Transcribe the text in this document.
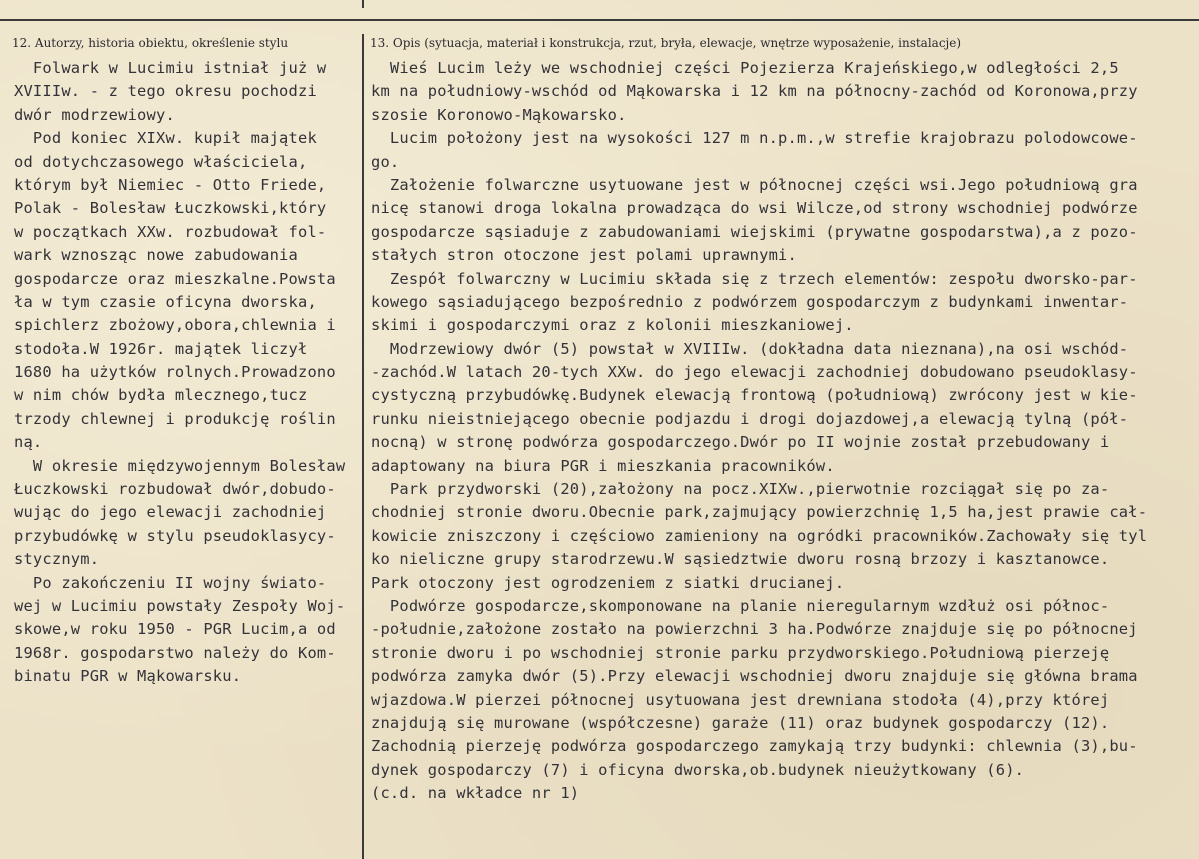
12. Autorzy, historia obiektu, określenie stylu	13. Opis (sytuacja, materiał i konstrukcja, rzut, bryła, elewacje, wnętrze wyposażenie, instalacje)
Folwark w Lucimiu istniał już w
XVIIIw. - z tego okresu pochodzi
dwór modrzewiowy.
Pod koniec XIXw. kupił majątek
od dotychczasowego właściciela,
którym był Niemiec - Otto Friede,
Polak - Bolesław Łuczkowski,który
w początkach XXw. rozbudował fol-
wark wznosząc nowe zabudowania
gospodarcze oraz mieszkalne.Powsta
ła w tym czasie oficyna dworska,
spichlerz zbożowy,obora,chlewnia i
stodoła.W 1926r. majątek liczył
1680 ha użytków rolnych.Prowadzono
w nim chów bydła mlecznego,tucz
trzody chlewnej i produkcję roślin
ną.
W okresie międzywojennym Bolesław
Łuczkowski rozbudował dwór,dobudo-
wując do jego elewacji zachodniej
przybudówkę w stylu pseudoklasycy-
stycznym.
Po zakończeniu II wojny świato-
wej w Lucimiu powstały Zespoły Woj-
skowe,w roku 1950 - PGR Lucim,a od
1968r. gospodarstwo należy do Kom-
binatu PGR w Mąkowarsku.
Wieś Lucim leży we wschodniej części Pojezierza Krajeńskiego,w odległości 2,5
km na południowy-wschód od Mąkowarska i 12 km na północny-zachód od Koronowa,przy
szosie Koronowo-Mąkowarsko.
Lucim położony jest na wysokości 127 m n.p.m.,w strefie krajobrazu polodowcowe-
go.
Założenie folwarczne usytuowane jest w północnej części wsi.Jego południową gra
nicę stanowi droga lokalna prowadząca do wsi Wilcze,od strony wschodniej podwórze
gospodarcze sąsiaduje z zabudowaniami wiejskimi (prywatne gospodarstwa),a z pozo-
stałych stron otoczone jest polami uprawnymi.
Zespół folwarczny w Lucimiu składa się z trzech elementów: zespołu dworsko-par-
kowego sąsiadującego bezpośrednio z podwórzem gospodarczym z budynkami inwentar-
skimi i gospodarczymi oraz z kolonii mieszkaniowej.
Modrzewiowy dwór (5) powstał w XVIIIw. (dokładna data nieznana),na osi wschód-
-zachód.W latach 20-tych XXw. do jego elewacji zachodniej dobudowano pseudoklasy-
cystyczną przybudówkę.Budynek elewacją frontową (południową) zwrócony jest w kie-
runku nieistniejącego obecnie podjazdu i drogi dojazdowej,a elewacją tylną (pół-
nocną) w stronę podwórza gospodarczego.Dwór po II wojnie został przebudowany i
adaptowany na biura PGR i mieszkania pracowników.
Park przydworski (20),założony na pocz.XIXw.,pierwotnie rozciągał się po za-
chodniej stronie dworu.Obecnie park,zajmujący powierzchnię 1,5 ha,jest prawie cał-
kowicie zniszczony i częściowo zamieniony na ogródki pracowników.Zachowały się tyl
ko nieliczne grupy starodrzewu.W sąsiedztwie dworu rosną brzozy i kasztanowce.
Park otoczony jest ogrodzeniem z siatki drucianej.
Podwórze gospodarcze,skomponowane na planie nieregularnym wzdłuż osi północ-
-południe,założone zostało na powierzchni 3 ha.Podwórze znajduje się po północnej
stronie dworu i po wschodniej stronie parku przydworskiego.Południową pierzeję
podwórza zamyka dwór (5).Przy elewacji wschodniej dworu znajduje się główna brama
wjazdowa.W pierzei północnej usytuowana jest drewniana stodoła (4),przy której
znajdują się murowane (współczesne) garaże (11) oraz budynek gospodarczy (12).
Zachodnią pierzeję podwórza gospodarczego zamykają trzy budynki: chlewnia (3),bu-
dynek gospodarczy (7) i oficyna dworska,ob.budynek nieużytkowany (6).
(c.d. na wkładce nr 1)
